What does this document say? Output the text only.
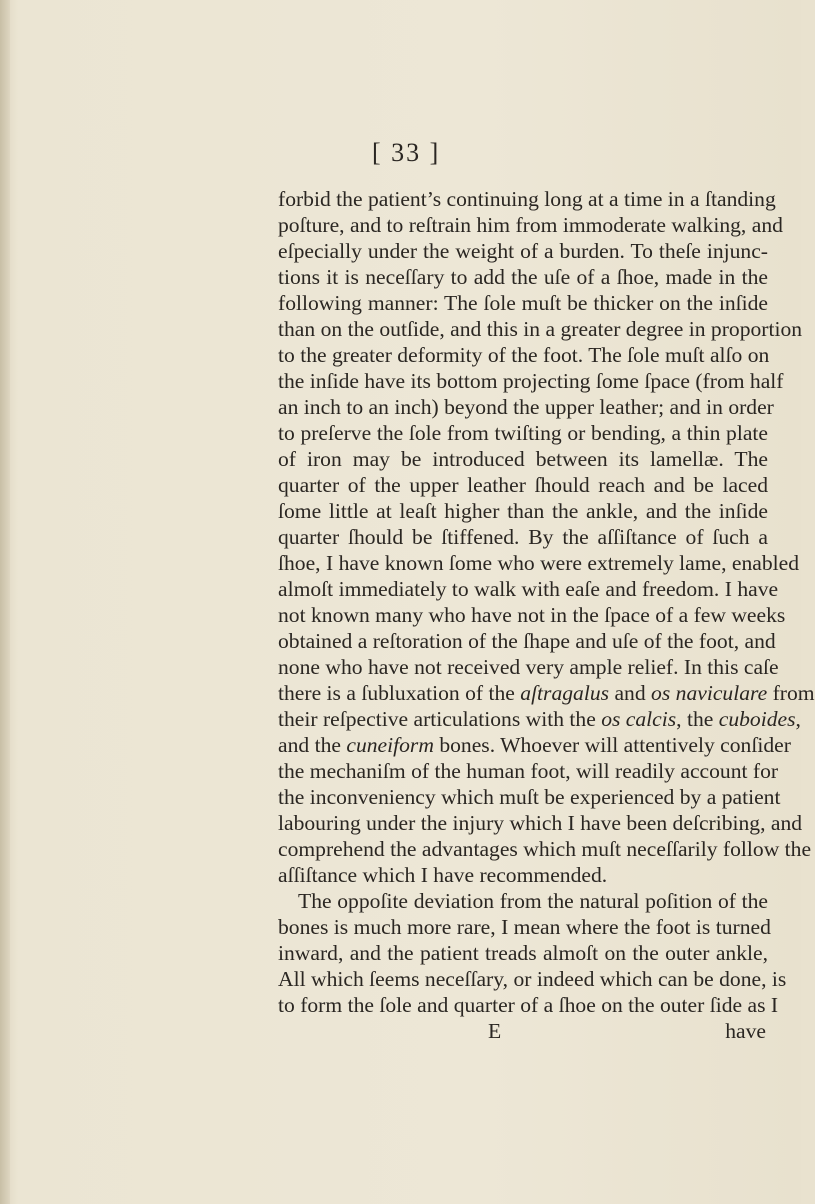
[ 33 ]
forbid the patient’s continuing long at a time in a ſtanding
poſture, and to reſtrain him from immoderate walking, and
eſpecially under the weight of a burden. To theſe injunc-
tions it is neceſſary to add the uſe of a ſhoe, made in the
following manner: The ſole muſt be thicker on the inſide
than on the outſide, and this in a greater degree in proportion
to the greater deformity of the foot. The ſole muſt alſo on
the inſide have its bottom projecting ſome ſpace (from half
an inch to an inch) beyond the upper leather; and in order
to preſerve the ſole from twiſting or bending, a thin plate
of iron may be introduced between its lamellæ. The
quarter of the upper leather ſhould reach and be laced
ſome little at leaſt higher than the ankle, and the inſide
quarter ſhould be ſtiffened. By the aſſiſtance of ſuch a
ſhoe, I have known ſome who were extremely lame, enabled
almoſt immediately to walk with eaſe and freedom. I have
not known many who have not in the ſpace of a few weeks
obtained a reſtoration of the ſhape and uſe of the foot, and
none who have not received very ample relief. In this caſe
there is a ſubluxation of the aſtragalus and os naviculare from
their reſpective articulations with the os calcis, the cuboides,
and the cuneiform bones. Whoever will attentively conſider
the mechaniſm of the human foot, will readily account for
the inconveniency which muſt be experienced by a patient
labouring under the injury which I have been deſcribing, and
comprehend the advantages which muſt neceſſarily follow the
aſſiſtance which I have recommended.
The oppoſite deviation from the natural poſition of the
bones is much more rare, I mean where the foot is turned
inward, and the patient treads almoſt on the outer ankle,
All which ſeems neceſſary, or indeed which can be done, is
to form the ſole and quarter of a ſhoe on the outer ſide as I
E	have
